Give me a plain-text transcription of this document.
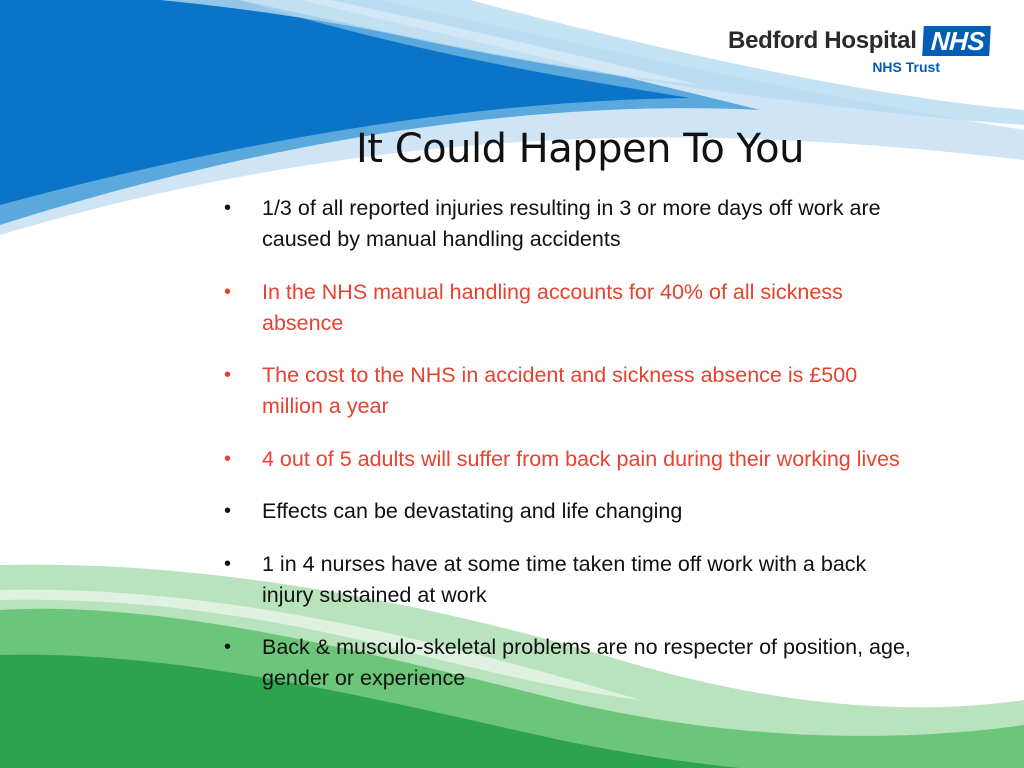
Bedford Hospital NHS
NHS Trust
It Could Happen To You
• 1/3 of all reported injuries resulting in 3 or more days off work are caused by manual handling accidents
• In the NHS manual handling accounts for 40% of all sickness absence
• The cost to the NHS in accident and sickness absence is £500 million a year
• 4 out of 5 adults will suffer from back pain during their working lives
• Effects can be devastating and life changing
• 1 in 4 nurses have at some time taken time off work with a back injury sustained at work
• Back & musculo-skeletal problems are no respecter of position, age, gender or experience
